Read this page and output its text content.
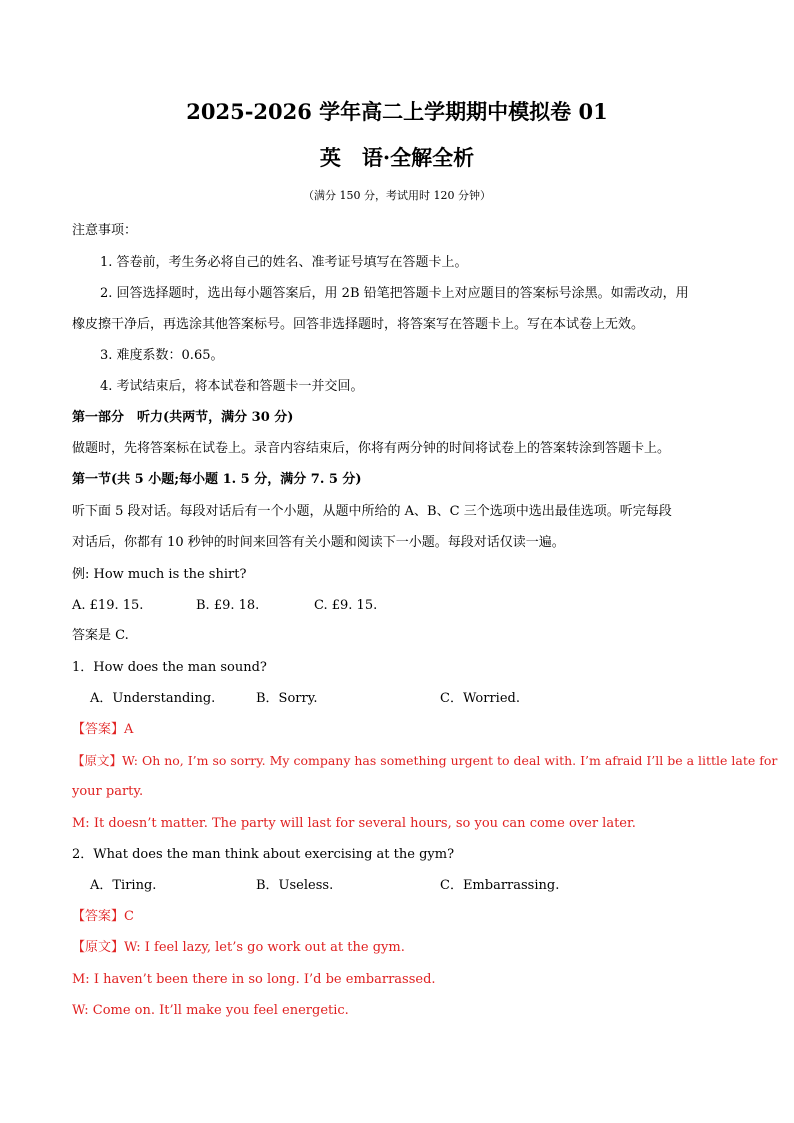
2025-2026 学年高二上学期期中模拟卷 01
英　语·全解全析
（满分 150 分，考试用时 120 分钟）
注意事项：
1. 答卷前，考生务必将自己的姓名、准考证号填写在答题卡上。
2. 回答选择题时，选出每小题答案后，用 2B 铅笔把答题卡上对应题目的答案标号涂黑。如需改动，用
橡皮擦干净后，再选涂其他答案标号。回答非选择题时，将答案写在答题卡上。写在本试卷上无效。
3. 难度系数：0.65。
4. 考试结束后，将本试卷和答题卡一并交回。
第一部分　听力(共两节，满分 30 分)
做题时，先将答案标在试卷上。录音内容结束后，你将有两分钟的时间将试卷上的答案转涂到答题卡上。
第一节(共 5 小题;每小题 1. 5 分，满分 7. 5 分)
听下面 5 段对话。每段对话后有一个小题，从题中所给的 A、B、C 三个选项中选出最佳选项。听完每段
对话后，你都有 10 秒钟的时间来回答有关小题和阅读下一小题。每段对话仅读一遍。
例: How much is the shirt?
A. £19. 15.	B. £9. 18.	C. £9. 15.
答案是 C.
1．How does the man sound?
A．Understanding.	B．Sorry.	C．Worried.
【答案】A
【原文】W: Oh no, I’m so sorry. My company has something urgent to deal with. I’m afraid I’ll be a little late for
your party.
M: It doesn’t matter. The party will last for several hours, so you can come over later.
2．What does the man think about exercising at the gym?
A．Tiring.	B．Useless.	C．Embarrassing.
【答案】C
【原文】W: I feel lazy, let’s go work out at the gym.
M: I haven’t been there in so long. I’d be embarrassed.
W: Come on. It’ll make you feel energetic.
